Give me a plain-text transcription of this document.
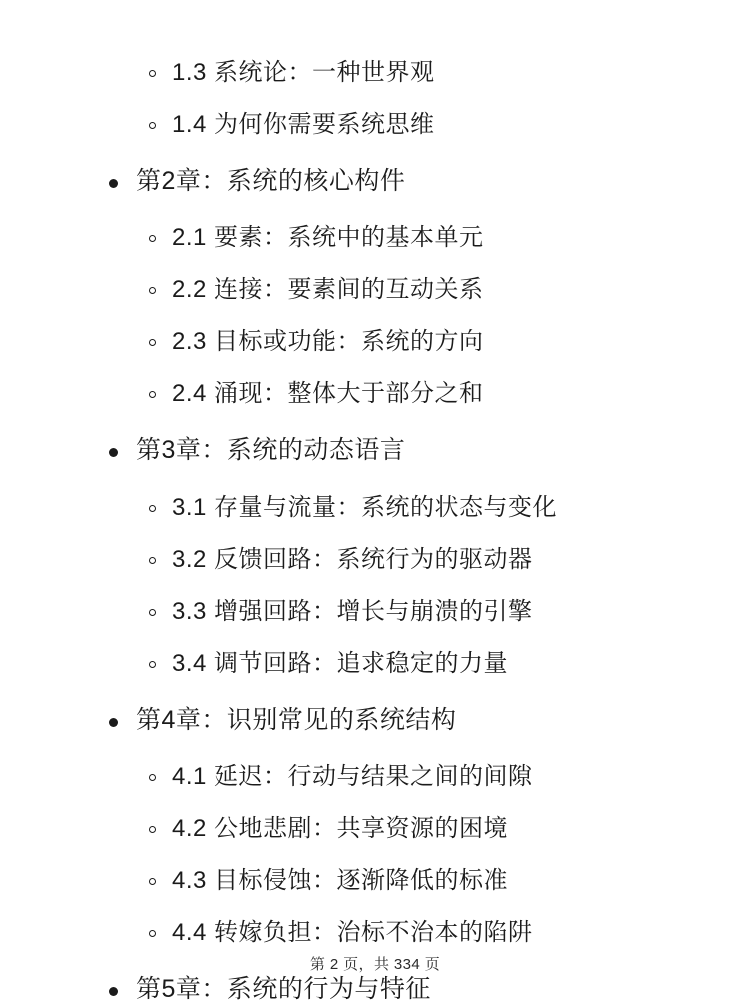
1.3 系统论：一种世界观
1.4 为何你需要系统思维
第2章：系统的核心构件
2.1 要素：系统中的基本单元
2.2 连接：要素间的互动关系
2.3 目标或功能：系统的方向
2.4 涌现：整体大于部分之和
第3章：系统的动态语言
3.1 存量与流量：系统的状态与变化
3.2 反馈回路：系统行为的驱动器
3.3 增强回路：增长与崩溃的引擎
3.4 调节回路：追求稳定的力量
第4章：识别常见的系统结构
4.1 延迟：行动与结果之间的间隙
4.2 公地悲剧：共享资源的困境
4.3 目标侵蚀：逐渐降低的标准
4.4 转嫁负担：治标不治本的陷阱
第5章：系统的行为与特征
第 2 页，共 334 页
